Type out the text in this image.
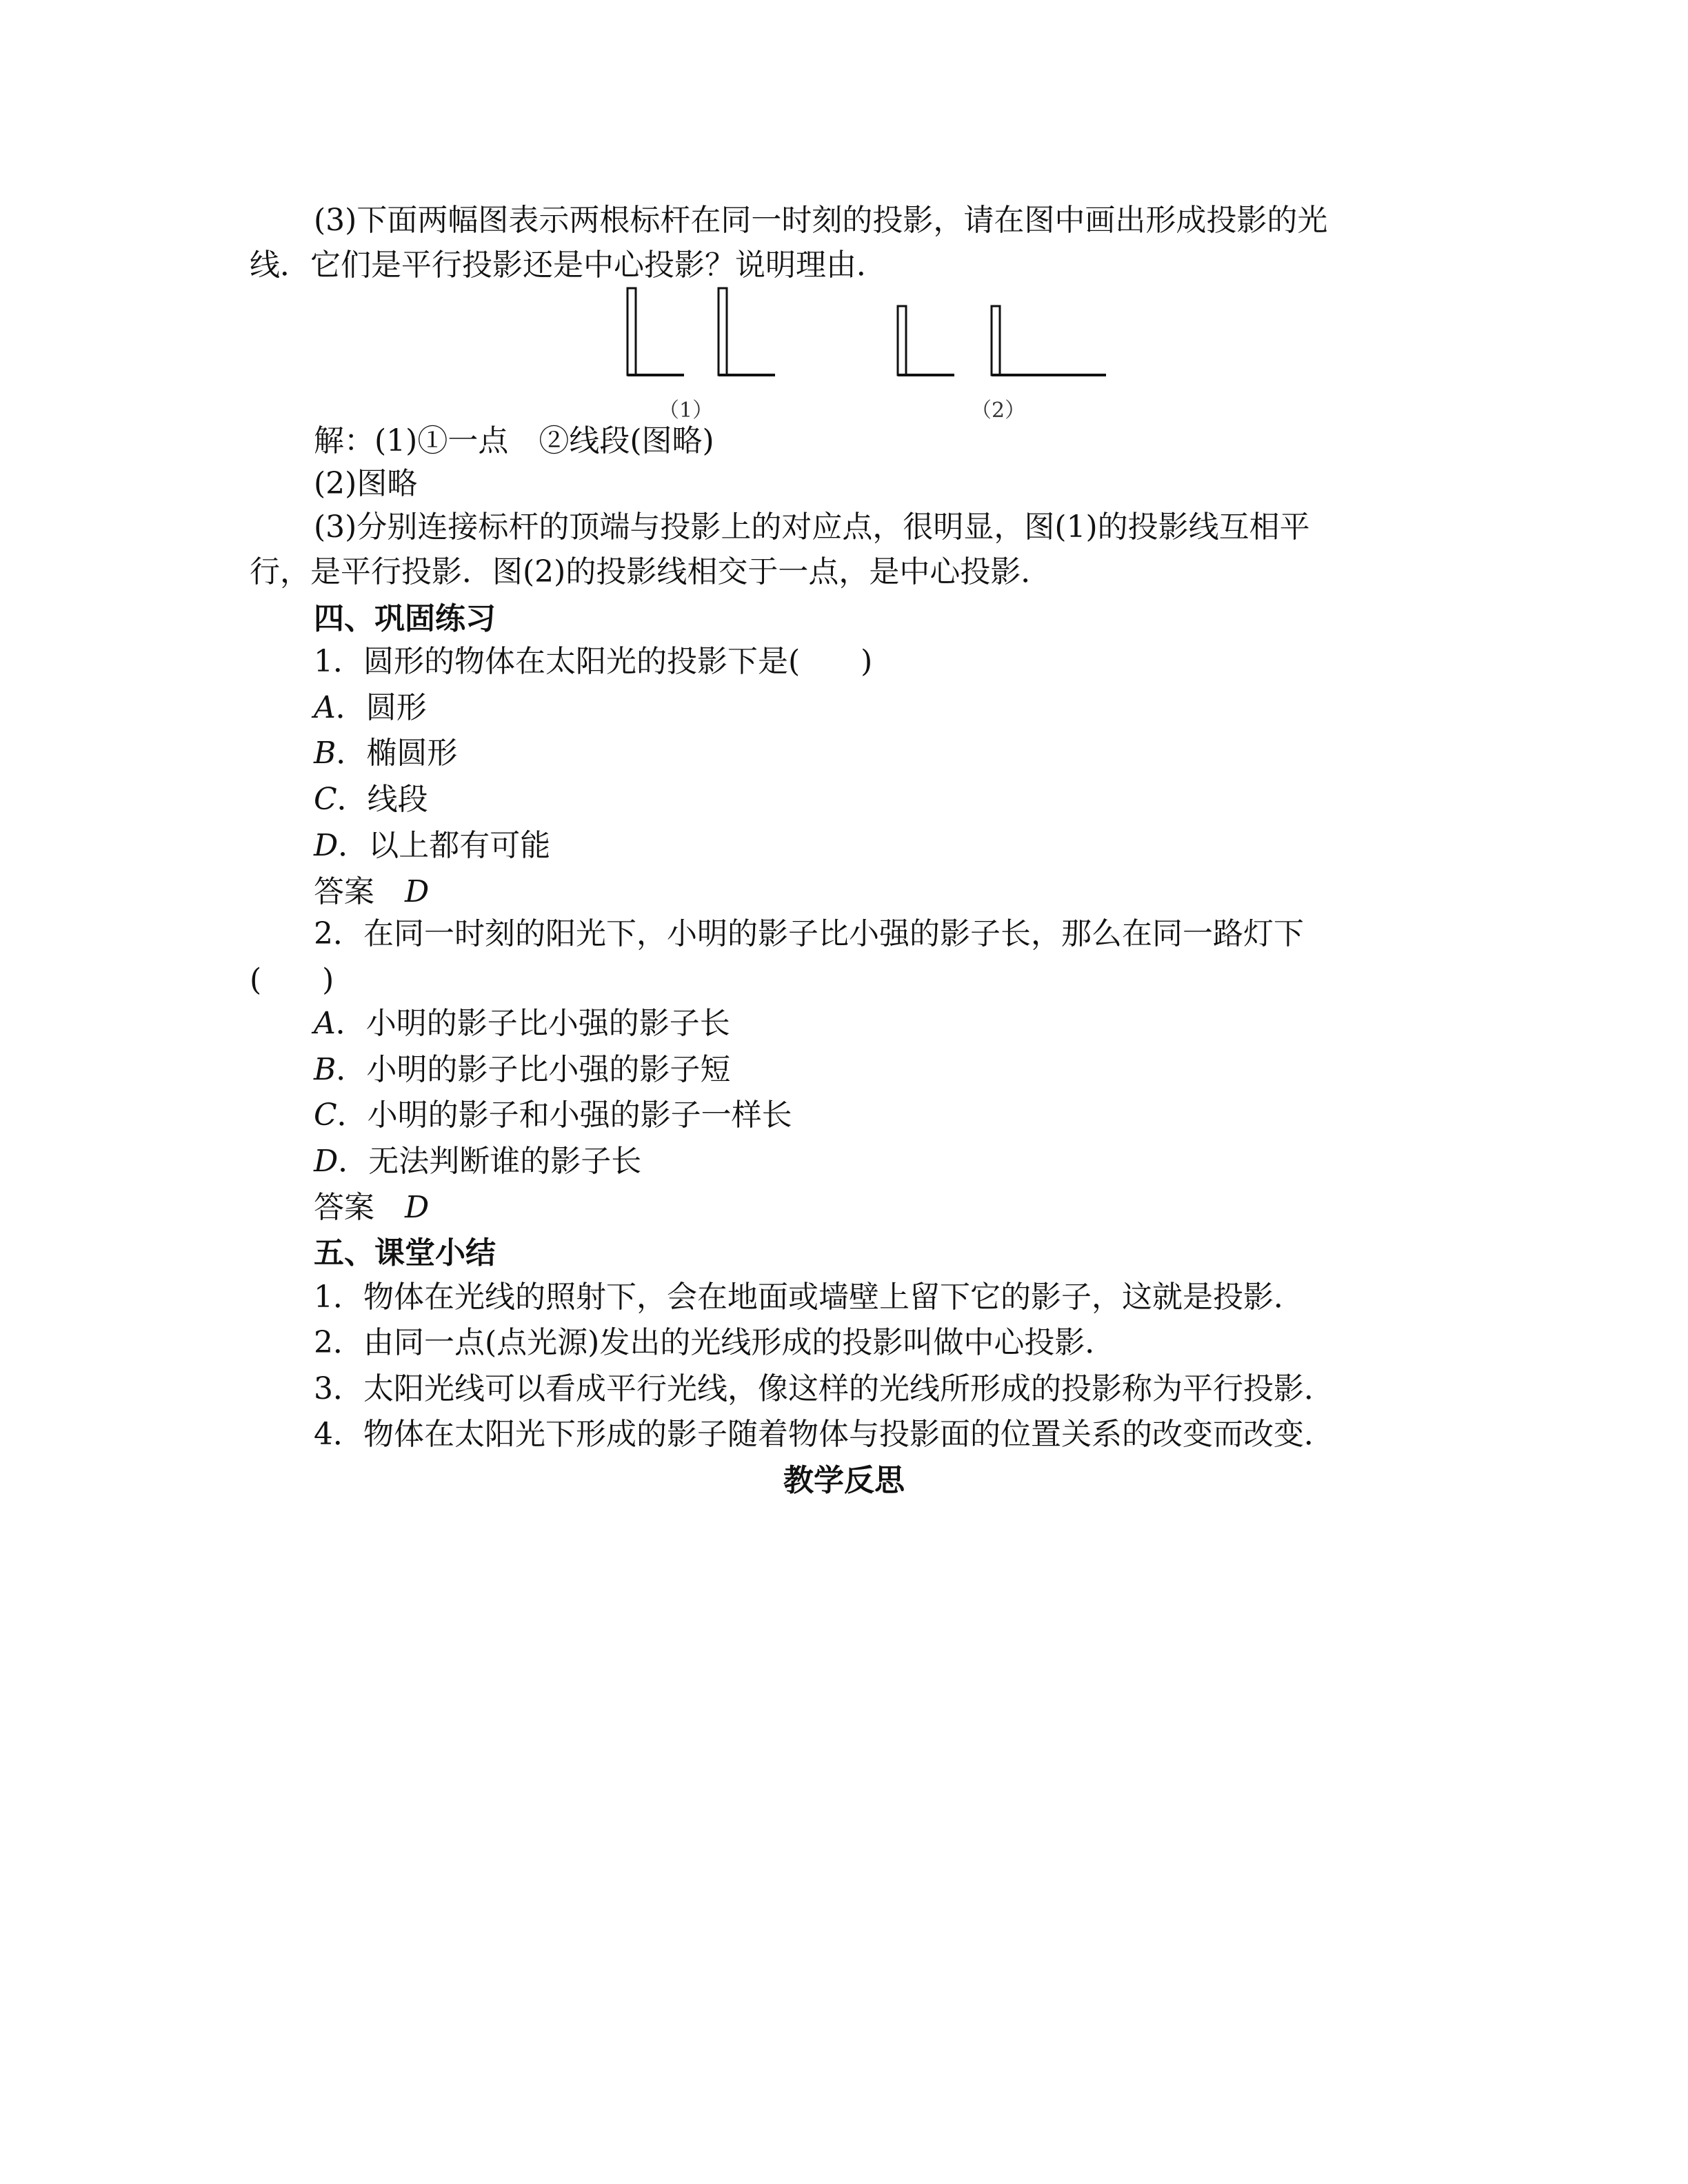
(3)下面两幅图表示两根标杆在同一时刻的投影，请在图中画出形成投影的光
线．它们是平行投影还是中心投影？说明理由．
（1）	（2）
解：(1)①一点　②线段(图略)
(2)图略
(3)分别连接标杆的顶端与投影上的对应点，很明显，图(1)的投影线互相平
行，是平行投影．图(2)的投影线相交于一点，是中心投影．
四、巩固练习
1．圆形的物体在太阳光的投影下是(　　)
A．圆形
B．椭圆形
C．线段
D．以上都有可能
答案　D
2．在同一时刻的阳光下，小明的影子比小强的影子长，那么在同一路灯下
(　　)
A．小明的影子比小强的影子长
B．小明的影子比小强的影子短
C．小明的影子和小强的影子一样长
D．无法判断谁的影子长
答案　D
五、课堂小结
1．物体在光线的照射下，会在地面或墙壁上留下它的影子，这就是投影．
2．由同一点(点光源)发出的光线形成的投影叫做中心投影．
3．太阳光线可以看成平行光线，像这样的光线所形成的投影称为平行投影．
4．物体在太阳光下形成的影子随着物体与投影面的位置关系的改变而改变．
教学反思
